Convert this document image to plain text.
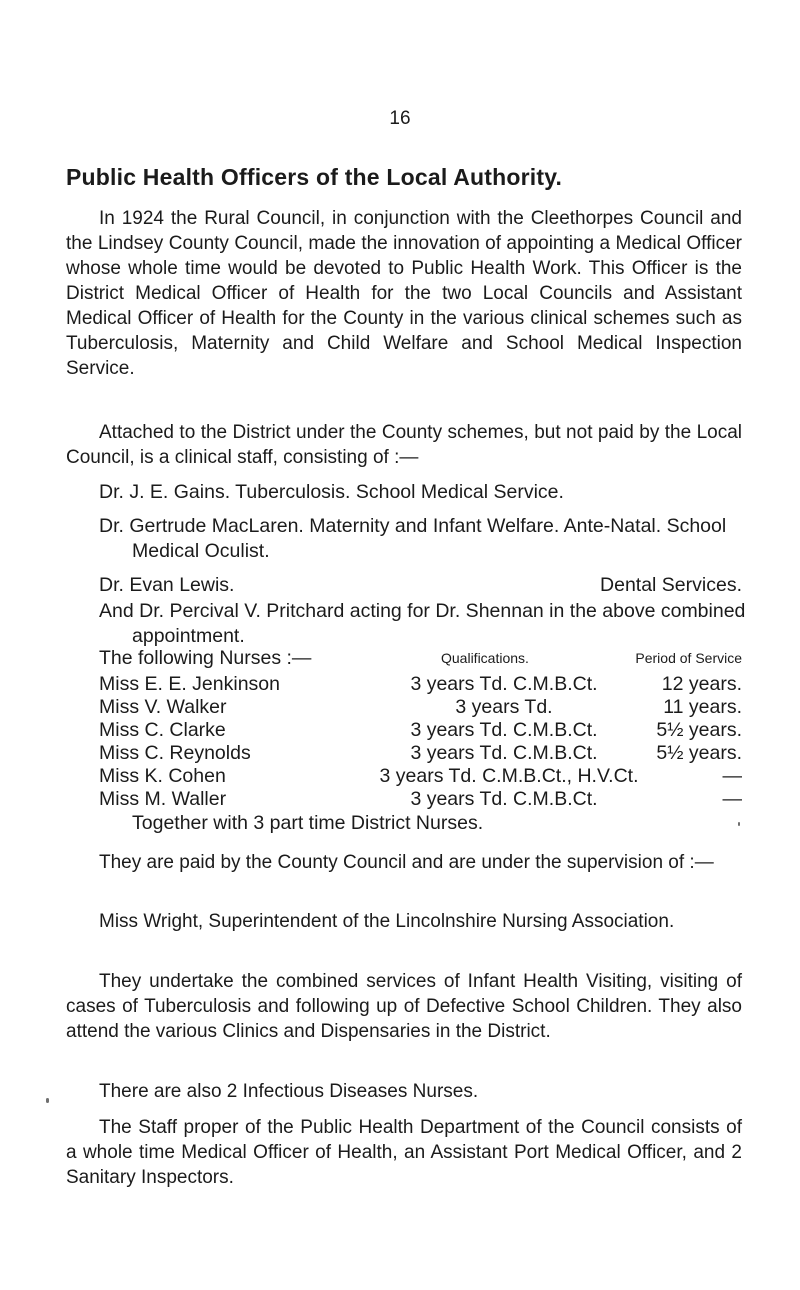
16
Public Health Officers of the Local Authority.

In 1924 the Rural Council, in conjunction with the Cleethorpes Council and the Lindsey County Council, made the innovation of appointing a Medical Officer whose whole time would be devoted to Public Health Work. This Officer is the District Medical Officer of Health for the two Local Councils and Assistant Medical Officer of Health for the County in the various clinical schemes such as Tuberculosis, Maternity and Child Welfare and School Medical Inspection Service.

Attached to the District under the County schemes, but not paid by the Local Council, is a clinical staff, consisting of :—

Dr. J. E. Gains. Tuberculosis. School Medical Service.

Dr. Gertrude MacLaren. Maternity and Infant Welfare. Ante-Natal. School Medical Oculist.

Dr. Evan Lewis.	Dental Services.

And Dr. Percival V. Pritchard acting for Dr. Shennan in the above combined appointment.

The following Nurses :—	Qualifications.	Period of Service
Miss E. E. Jenkinson	3 years Td. C.M.B.Ct.	12 years.
Miss V. Walker	3 years Td.	11 years.
Miss C. Clarke	3 years Td. C.M.B.Ct.	5½ years.
Miss C. Reynolds	3 years Td. C.M.B.Ct.	5½ years.
Miss K. Cohen	3 years Td. C.M.B.Ct., H.V.Ct.	—
Miss M. Waller	3 years Td. C.M.B.Ct.	—
Together with 3 part time District Nurses.

They are paid by the County Council and are under the supervision of :—

Miss Wright, Superintendent of the Lincolnshire Nursing Association.

They undertake the combined services of Infant Health Visiting, visiting of cases of Tuberculosis and following up of Defective School Children. They also attend the various Clinics and Dispensaries in the District.

There are also 2 Infectious Diseases Nurses.

The Staff proper of the Public Health Department of the Council consists of a whole time Medical Officer of Health, an Assistant Port Medical Officer, and 2 Sanitary Inspectors.
